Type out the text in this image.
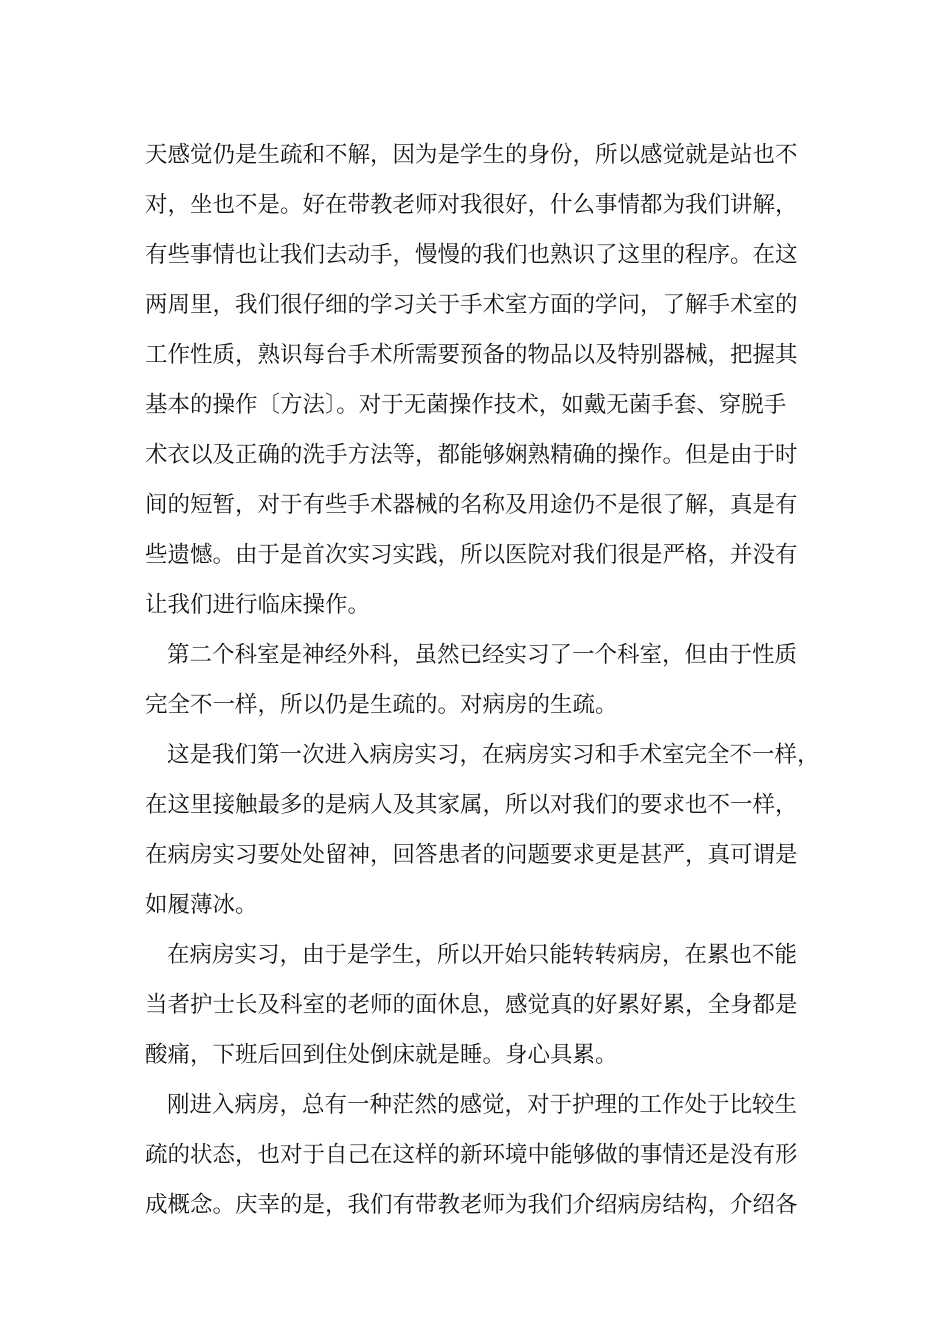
天感觉仍是生疏和不解，因为是学生的身份，所以感觉就是站也不
对，坐也不是。好在带教老师对我很好，什么事情都为我们讲解，
有些事情也让我们去动手，慢慢的我们也熟识了这里的程序。在这
两周里，我们很仔细的学习关于手术室方面的学问，了解手术室的
工作性质，熟识每台手术所需要预备的物品以及特别器械，把握其
基本的操作〔方法〕。对于无菌操作技术，如戴无菌手套、穿脱手
术衣以及正确的洗手方法等，都能够娴熟精确的操作。但是由于时
间的短暂，对于有些手术器械的名称及用途仍不是很了解，真是有
些遗憾。由于是首次实习实践，所以医院对我们很是严格，并没有
让我们进行临床操作。
第二个科室是神经外科，虽然已经实习了一个科室，但由于性质
完全不一样，所以仍是生疏的。对病房的生疏。
这是我们第一次进入病房实习，在病房实习和手术室完全不一样，
在这里接触最多的是病人及其家属，所以对我们的要求也不一样，
在病房实习要处处留神，回答患者的问题要求更是甚严，真可谓是
如履薄冰。
在病房实习，由于是学生，所以开始只能转转病房，在累也不能
当者护士长及科室的老师的面休息，感觉真的好累好累，全身都是
酸痛，下班后回到住处倒床就是睡。身心具累。
刚进入病房，总有一种茫然的感觉，对于护理的工作处于比较生
疏的状态，也对于自己在这样的新环境中能够做的事情还是没有形
成概念。庆幸的是，我们有带教老师为我们介绍病房结构，介绍各
